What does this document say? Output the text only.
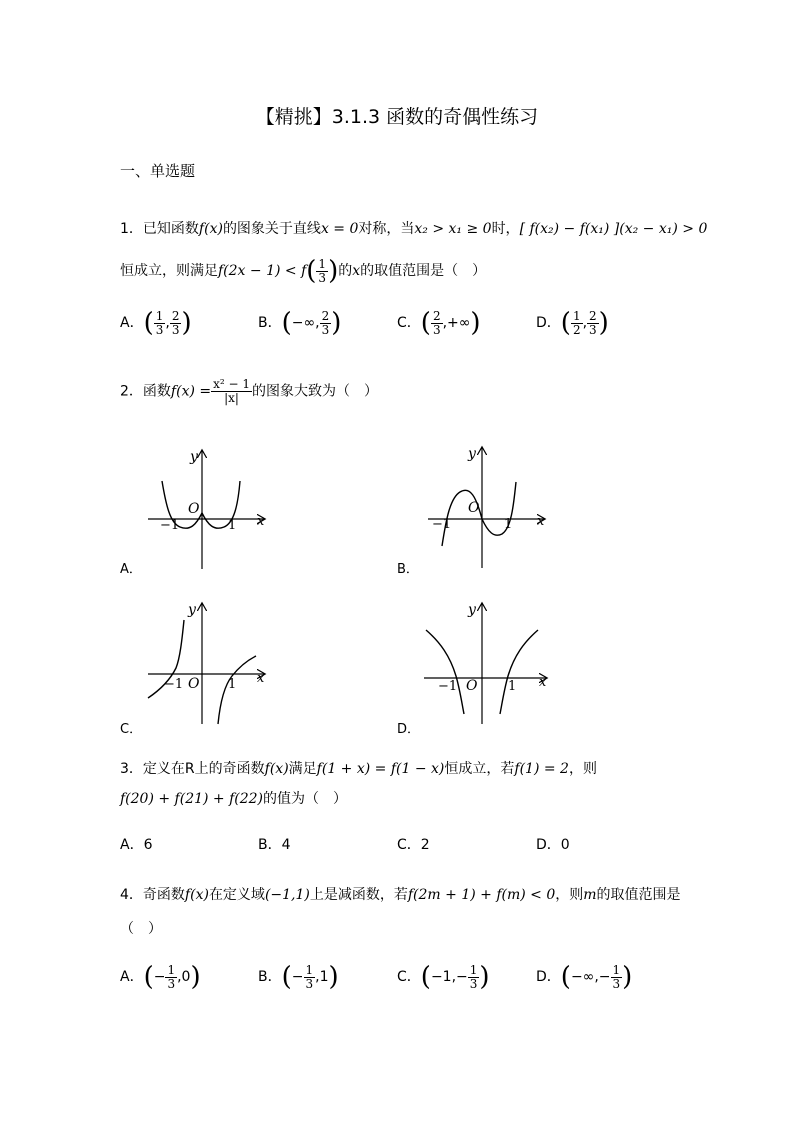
【精挑】3.1.3 函数的奇偶性练习
一、单选题
1．已知函数f(x)的图象关于直线x = 0对称，当x₂ > x₁ ≥ 0时，[ f(x₂) − f(x₁) ](x₂ − x₁) > 0
恒成立，则满足$f(2x - 1) < f( \frac{1}{3}$ )的x的取值范围是（　）
A．( $\frac{1}{3}$ , $\frac{2}{3}$ )	B．(−∞, $\frac{2}{3}$ )	C．( $\frac{2}{3}$ ,+∞)	D．( $\frac{1}{2}$ , $\frac{2}{3}$ )
2．函数$f(x) = \frac{\text{x² − 1}}{|x|}$ 的图象大致为（　）
y
x
O
−1	1
A．
y
x
O
−1	1
B．
y
x
O
−1	1
C．
y
x
O
−1	1
D．
3．定义在R上的奇函数f(x)满足f(1 + x) = f(1 − x)恒成立，若f(1) = 2，则
f(20) + f(21) + f(22)的值为（　）
A．6	B．4	C．2	D．0
4．奇函数f(x)在定义域(−1,1)上是减函数，若f(2m + 1) + f(m) < 0，则m的取值范围是
（　）
A．(− $\frac{1}{3} ,0$)	B．(− $\frac{1}{3} ,1$)	C．($-1,- \frac{1}{3}$ )	D．(−∞,− $\frac{1}{3}$ )
